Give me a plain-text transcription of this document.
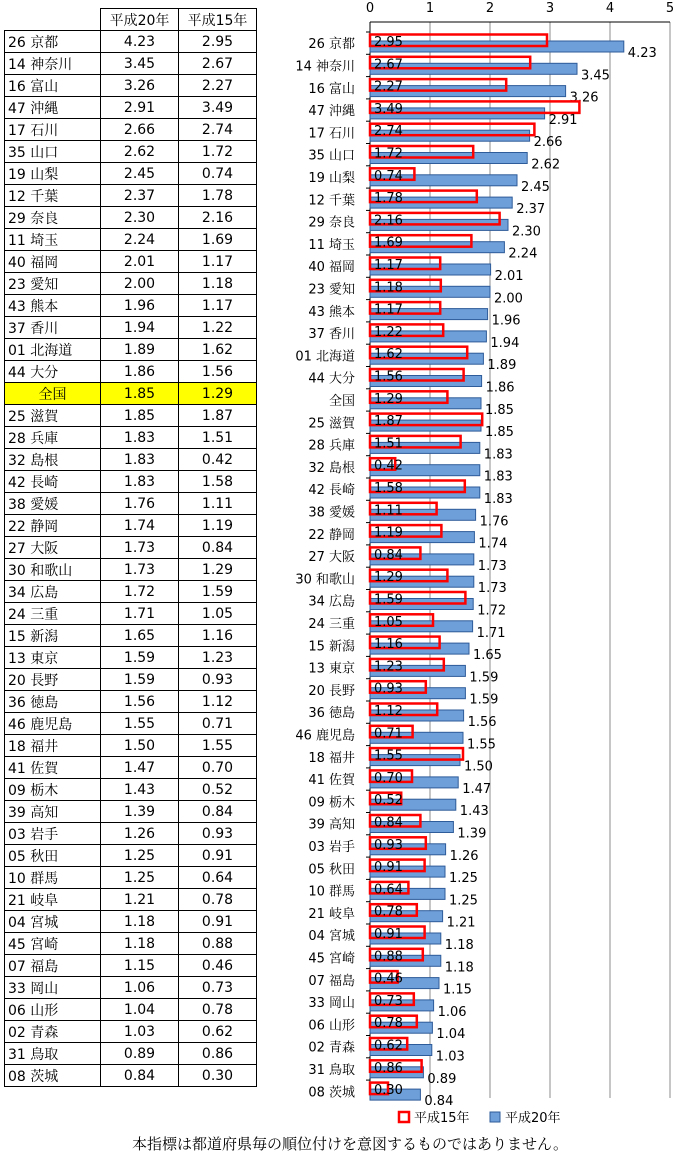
	平成20年	平成15年
26 京都	4.23	2.95
14 神奈川	3.45	2.67
16 富山	3.26	2.27
47 沖縄	2.91	3.49
17 石川	2.66	2.74
35 山口	2.62	1.72
19 山梨	2.45	0.74
12 千葉	2.37	1.78
29 奈良	2.30	2.16
11 埼玉	2.24	1.69
40 福岡	2.01	1.17
23 愛知	2.00	1.18
43 熊本	1.96	1.17
37 香川	1.94	1.22
01 北海道	1.89	1.62
44 大分	1.86	1.56
全国	1.85	1.29
25 滋賀	1.85	1.87
28 兵庫	1.83	1.51
32 島根	1.83	0.42
42 長崎	1.83	1.58
38 愛媛	1.76	1.11
22 静岡	1.74	1.19
27 大阪	1.73	0.84
30 和歌山	1.73	1.29
34 広島	1.72	1.59
24 三重	1.71	1.05
15 新潟	1.65	1.16
13 東京	1.59	1.23
20 長野	1.59	0.93
36 徳島	1.56	1.12
46 鹿児島	1.55	0.71
18 福井	1.50	1.55
41 佐賀	1.47	0.70
09 栃木	1.43	0.52
39 高知	1.39	0.84
03 岩手	1.26	0.93
05 秋田	1.25	0.91
10 群馬	1.25	0.64
21 岐阜	1.21	0.78
04 宮城	1.18	0.91
45 宮崎	1.18	0.88
07 福島	1.15	0.46
33 岡山	1.06	0.73
06 山形	1.04	0.78
02 青森	1.03	0.62
31 鳥取	0.89	0.86
08 茨城	0.84	0.30
0	1	2	3	4	5
26 京都 2.95
4.23
14 神奈川 2.67
3.45
16 富山 2.27
3.26
47 沖縄 3.49
2.91
17 石川 2.74
2.66
35 山口 1.72
2.62
19 山梨 0.74
2.45
12 千葉 1.78
2.37
29 奈良 2.16
2.30
11 埼玉 1.69
2.24
40 福岡 1.17
2.01
23 愛知 1.18
2.00
43 熊本 1.17
1.96
37 香川 1.22
1.94
01 北海道 1.62
1.89
44 大分 1.56
1.86
全国 1.29
1.85
25 滋賀 1.87
1.85
28 兵庫 1.51
1.83
32 島根 0.42
1.83
42 長崎 1.58
1.83
38 愛媛 1.11
1.76
22 静岡 1.19
1.74
27 大阪 0.84
1.73
30 和歌山 1.29
1.73
34 広島 1.59
1.72
24 三重 1.05
1.71
15 新潟 1.16
1.65
13 東京 1.23
1.59
20 長野 0.93
1.59
36 徳島 1.12
1.56
46 鹿児島 0.71
1.55
18 福井 1.55
1.50
41 佐賀 0.70
1.47
09 栃木 0.52
1.43
39 高知 0.84
1.39
03 岩手 0.93
1.26
05 秋田 0.91
1.25
10 群馬 0.64
1.25
21 岐阜 0.78
1.21
04 宮城 0.91
1.18
45 宮崎 0.88
1.18
07 福島 0.46
1.15
33 岡山 0.73
1.06
06 山形 0.78
1.04
02 青森 0.62
1.03
31 鳥取 0.86
0.89
08 茨城 0.30
0.84
平成15年	平成20年
本指標は都道府県毎の順位付けを意図するものではありません。
